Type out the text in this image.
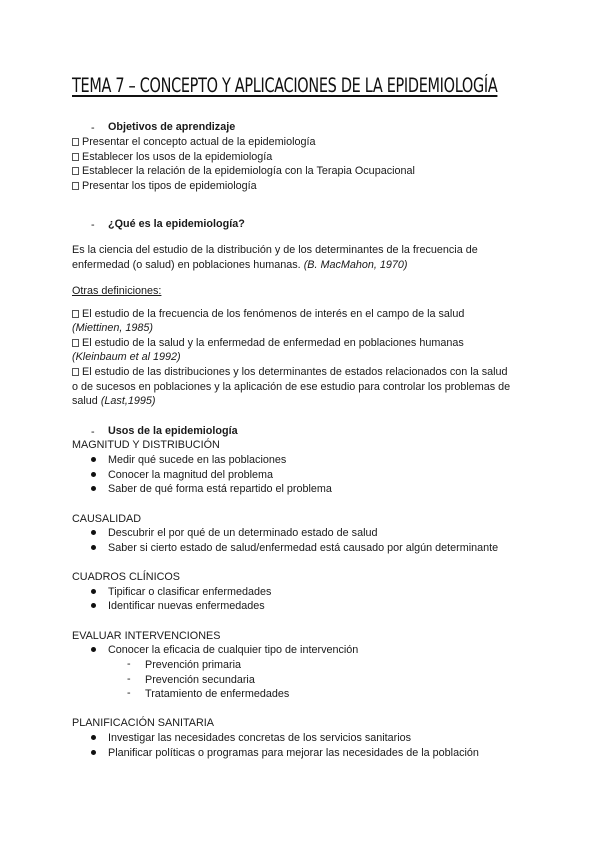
TEMA 7 – CONCEPTO Y APLICACIONES DE LA EPIDEMIOLOGÍA
- Objetivos de aprendizaje
Presentar el concepto actual de la epidemiología
Establecer los usos de la epidemiología
Establecer la relación de la epidemiología con la Terapia Ocupacional
Presentar los tipos de epidemiología
- ¿Qué es la epidemiología?
Es la ciencia del estudio de la distribución y de los determinantes de la frecuencia de
enfermedad (o salud) en poblaciones humanas. (B. MacMahon, 1970)
Otras definiciones:
El estudio de la frecuencia de los fenómenos de interés en el campo de la salud
(Miettinen, 1985)
El estudio de la salud y la enfermedad de enfermedad en poblaciones humanas
(Kleinbaum et al 1992)
El estudio de las distribuciones y los determinantes de estados relacionados con la salud
o de sucesos en poblaciones y la aplicación de ese estudio para controlar los problemas de
salud (Last,1995)
- Usos de la epidemiología
MAGNITUD Y DISTRIBUCIÓN
Medir qué sucede en las poblaciones
Conocer la magnitud del problema
Saber de qué forma está repartido el problema
CAUSALIDAD
Descubrir el por qué de un determinado estado de salud
Saber si cierto estado de salud/enfermedad está causado por algún determinante
CUADROS CLÍNICOS
Tipificar o clasificar enfermedades
Identificar nuevas enfermedades
EVALUAR INTERVENCIONES
Conocer la eficacia de cualquier tipo de intervención
- Prevención primaria
- Prevención secundaria
- Tratamiento de enfermedades
PLANIFICACIÓN SANITARIA
Investigar las necesidades concretas de los servicios sanitarios
Planificar políticas o programas para mejorar las necesidades de la población
